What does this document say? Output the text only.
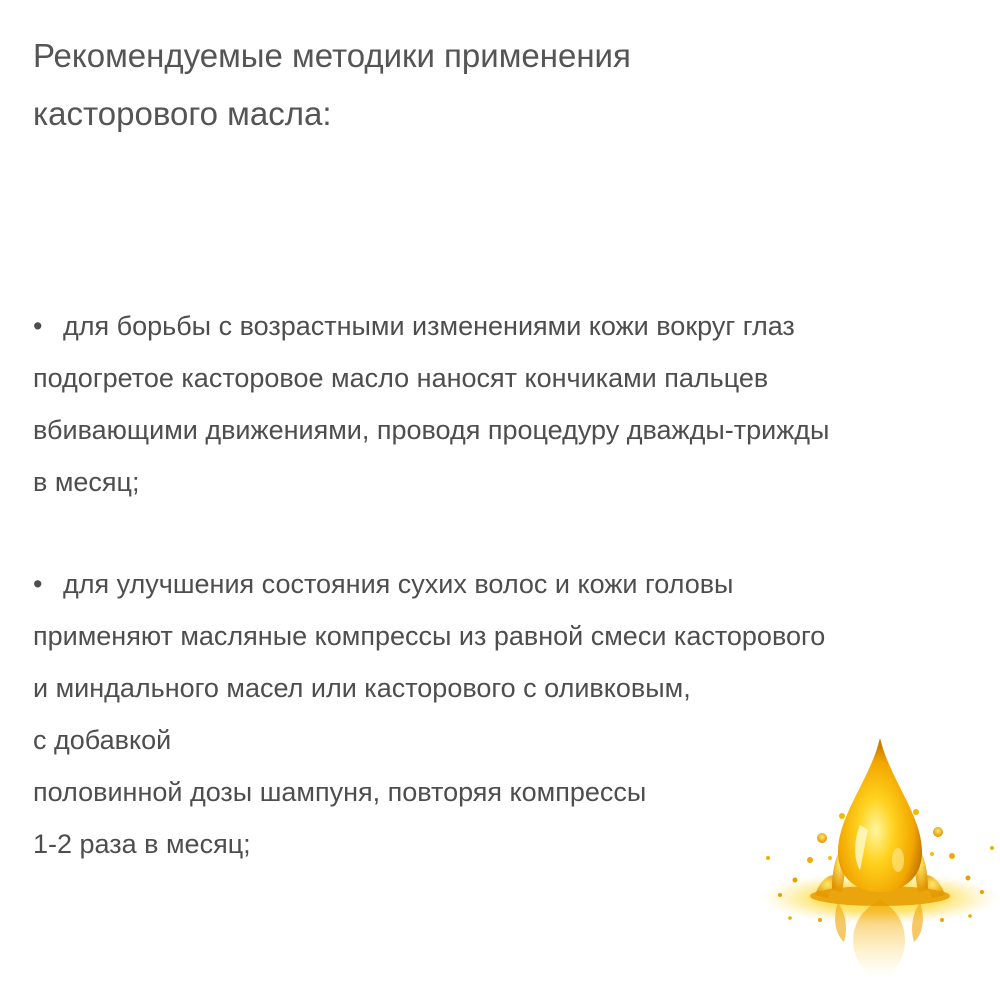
Рекомендуемые методики применения
касторового масла:
• для борьбы с возрастными изменениями кожи вокруг глаз
подогретое касторовое масло наносят кончиками пальцев
вбивающими движениями, проводя процедуру дважды-трижды
в месяц;
• для улучшения состояния сухих волос и кожи головы
применяют масляные компрессы из равной смеси касторового
и миндального масел или касторового с оливковым,
с добавкой
половинной дозы шампуня, повторяя компрессы
1-2 раза в месяц;
